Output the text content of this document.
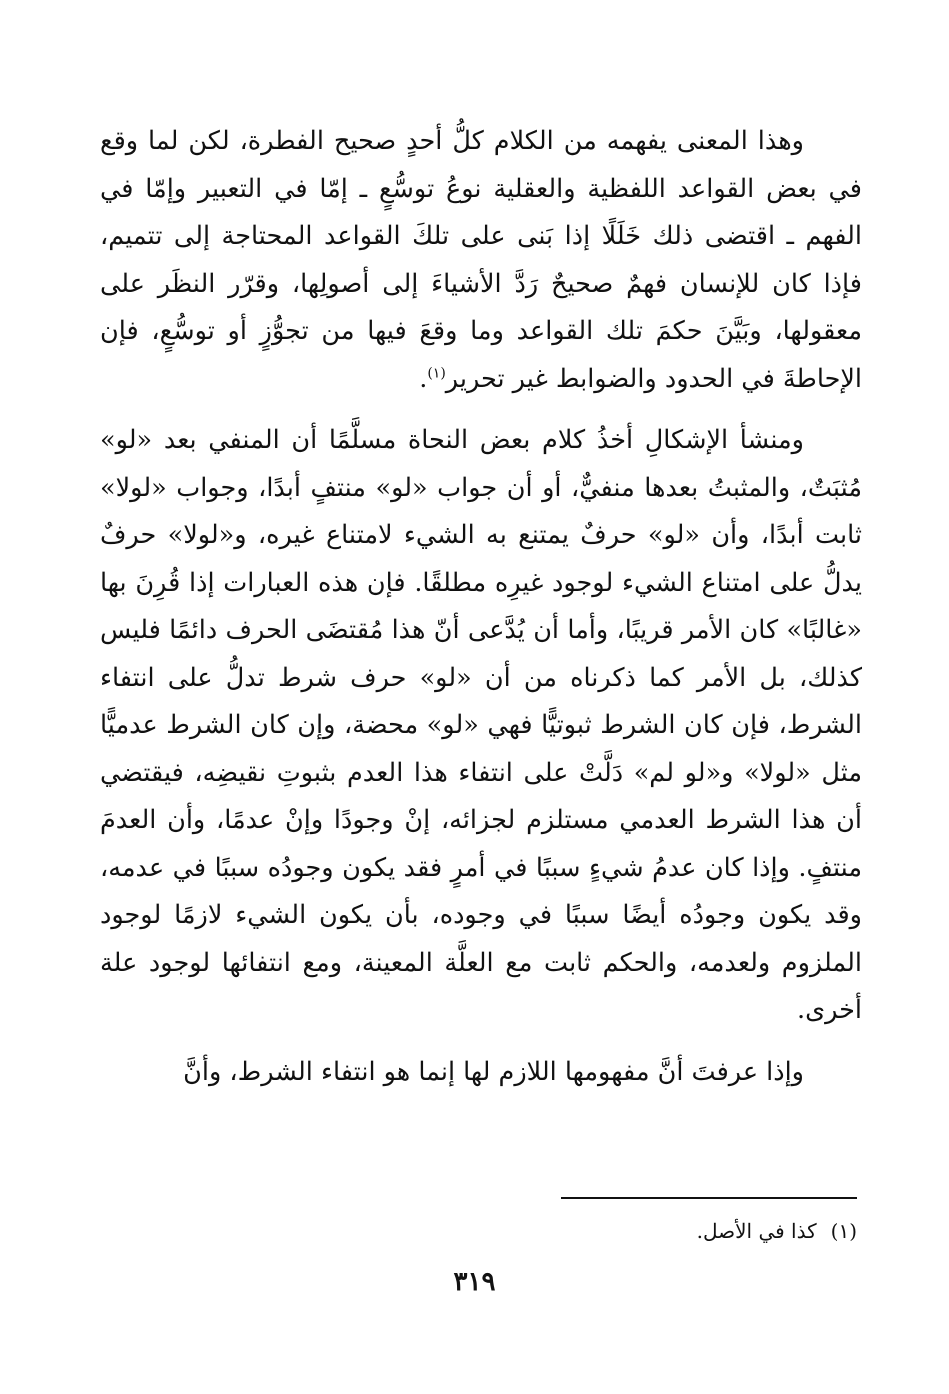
وهذا المعنى يفهمه من الكلام كلُّ أحدٍ صحيح الفطرة، لكن لما وقع في بعض القواعد اللفظية والعقلية نوعُ توسُّعٍ ـ إمّا في التعبير وإمّا في الفهم ـ اقتضى ذلك خَلَلًا إذا بَنى على تلكَ القواعد المحتاجة إلى تتميم، فإذا كان للإنسان فهمٌ صحيحٌ رَدَّ الأشياءَ إلى أصولِها، وقرّر النظَر على معقولها، وبَيَّنَ حكمَ تلك القواعد وما وقعَ فيها من تجوُّزٍ أو توسُّعٍ، فإن الإحاطةَ في الحدود والضوابط غير تحرير$^{(١)}$.

ومنشأ الإشكالِ أخذُ كلام بعض النحاة مسلَّمًا أن المنفي بعد «لو» مُثبَتٌ، والمثبتُ بعدها منفيٌّ، أو أن جواب «لو» منتفٍ أبدًا، وجواب «لولا» ثابت أبدًا، وأن «لو» حرفٌ يمتنع به الشيء لامتناع غيره، و«لولا» حرفٌ يدلُّ على امتناع الشيء لوجود غيرِه مطلقًا. فإن هذه العبارات إذا قُرِنَ بها «غالبًا» كان الأمر قريبًا، وأما أن يُدَّعى أنّ هذا مُقتضَى الحرف دائمًا فليس كذلك، بل الأمر كما ذكرناه من أن «لو» حرف شرط تدلُّ على انتفاء الشرط، فإن كان الشرط ثبوتيًّا فهي «لو» محضة، وإن كان الشرط عدميًّا مثل «لولا» و«لو لم» دَلَّتْ على انتفاء هذا العدم بثبوتِ نقيضِه، فيقتضي أن هذا الشرط العدمي مستلزم لجزائه، إنْ وجودًا وإنْ عدمًا، وأن العدمَ منتفٍ. وإذا كان عدمُ شيءٍ سببًا في أمرٍ فقد يكون وجودُه سببًا في عدمه، وقد يكون وجودُه أيضًا سببًا في وجوده، بأن يكون الشيء لازمًا لوجود الملزوم ولعدمه، والحكم ثابت مع العلَّة المعينة، ومع انتفائها لوجود علة أخرى.

وإذا عرفتَ أنَّ مفهومها اللازم لها إنما هو انتفاء الشرط، وأنَّ

(١)كذا في الأصل.

٣١٩
